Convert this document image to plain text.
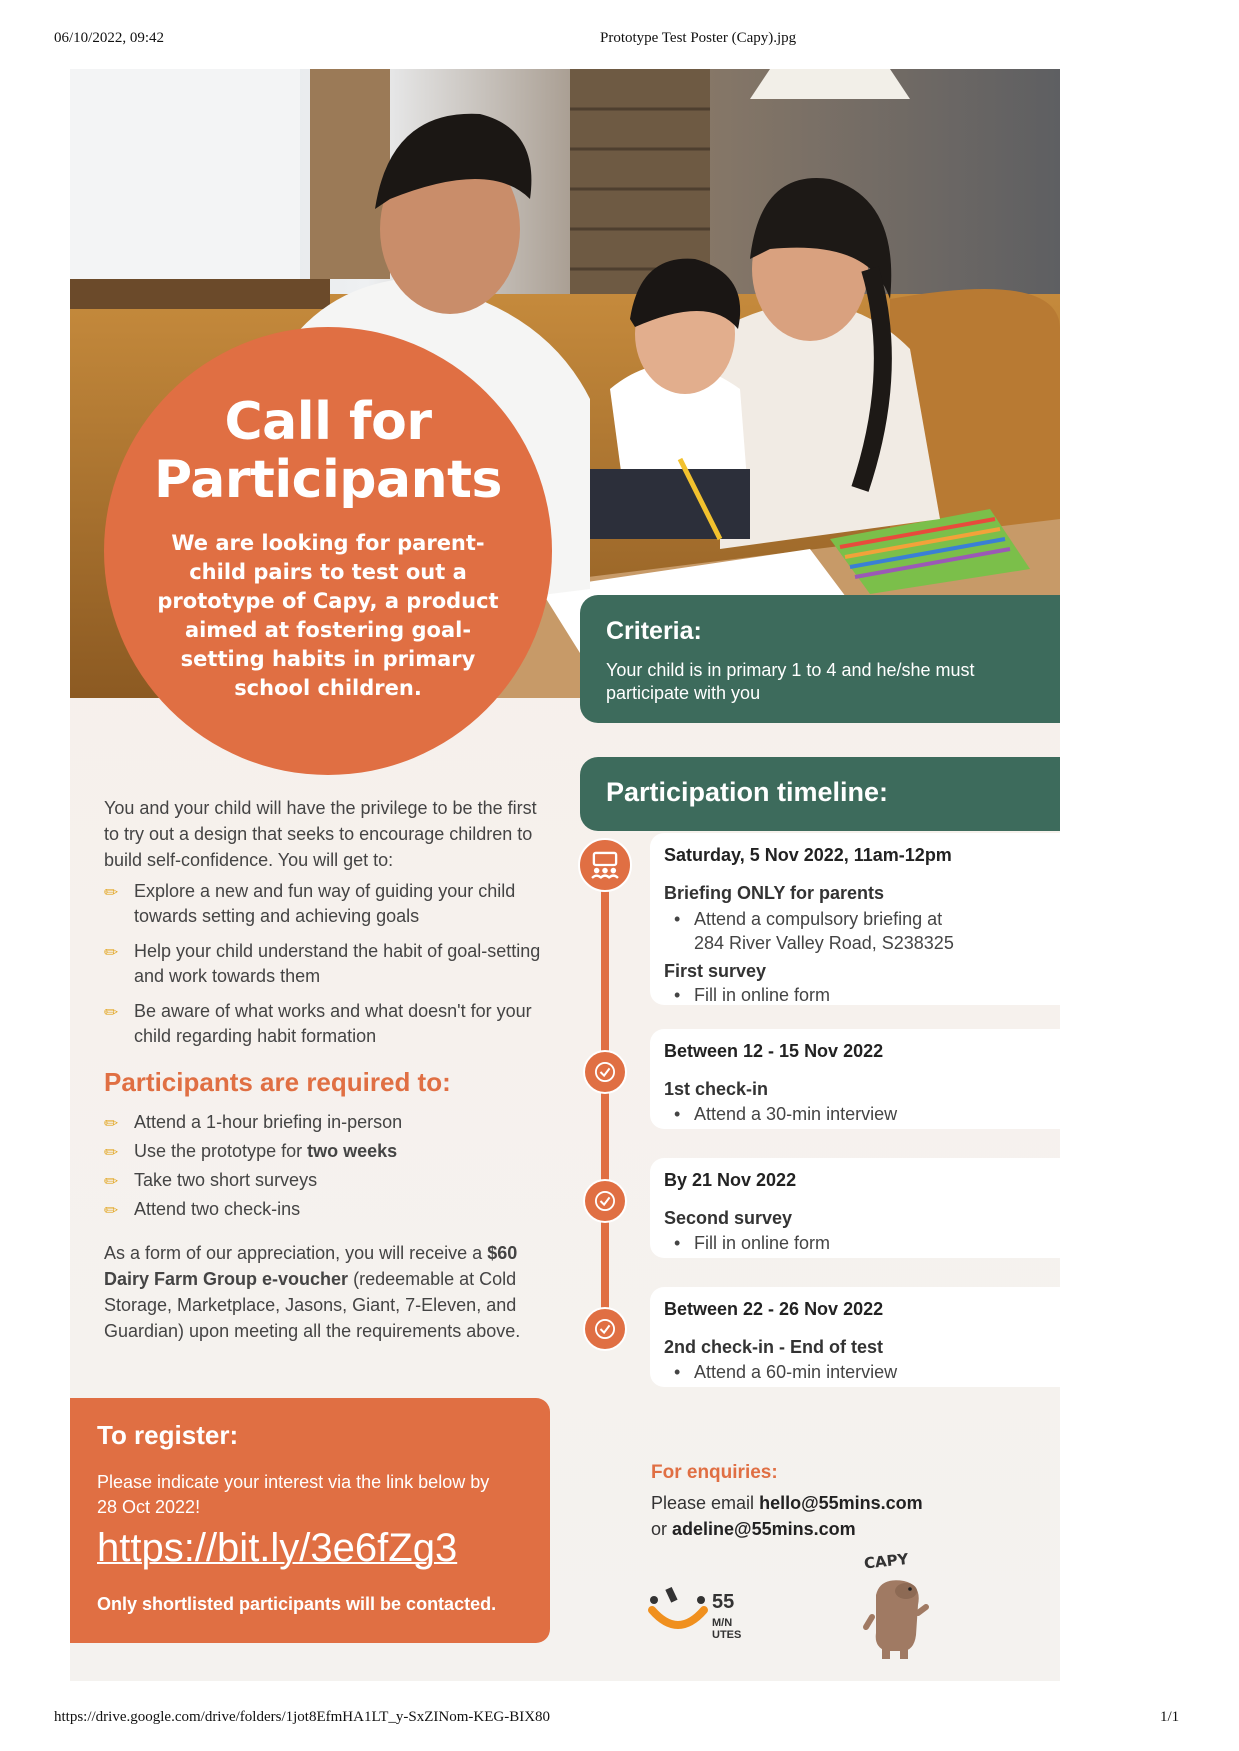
06/10/2022, 09:42	Prototype Test Poster (Capy).jpg
https://drive.google.com/drive/folders/1jot8EfmHA1LT_y-SxZINom-KEG-BIX80	1/1
Call for Participants

We are looking for parent-child pairs to test out a prototype of Capy, a product aimed at fostering goal-setting habits in primary school children.

Criteria:

Your child is in primary 1 to 4 and he/she must participate with you

You and your child will have the privilege to be the first to try out a design that seeks to encourage children to build self-confidence. You will get to:
✏ Explore a new and fun way of guiding your child towards setting and achieving goals
✏ Help your child understand the habit of goal-setting and work towards them
✏ Be aware of what works and what doesn't for your child regarding habit formation
Participants are required to:
✏ Attend a 1-hour briefing in-person
✏ Use the prototype for two weeks
✏ Take two short surveys
✏ Attend two check-ins

As a form of our appreciation, you will receive a $60 Dairy Farm Group e-voucher (redeemable at Cold Storage, Marketplace, Jasons, Giant, 7-Eleven, and Guardian) upon meeting all the requirements above.

To register:

Please indicate your interest via the link below by
28 Oct 2022!

https://bit.ly/3e6fZg3

Only shortlisted participants will be contacted.

Participation timeline:
Saturday, 5 Nov 2022, 11am-12pm
Briefing ONLY for parents
• Attend a compulsory briefing at
284 River Valley Road, S238325
First survey
• Fill in online form
Between 12 - 15 Nov 2022
1st check-in
• Attend a 30-min interview
By 21 Nov 2022
Second survey
• Fill in online form
Between 22 - 26 Nov 2022
2nd check-in - End of test
• Attend a 60-min interview
For enquiries:
Please email hello@55mins.com
or adeline@55mins.com
55
M/N
UTES
CAPY
